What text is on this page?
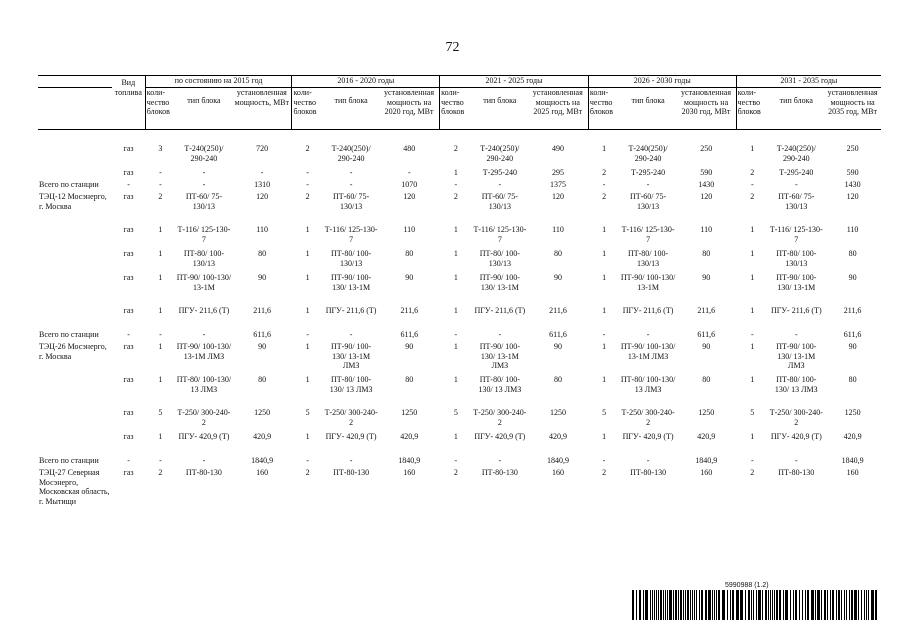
72
	Вид топлива	по состоянию на 2015 год			2016 - 2020 годы			2021 - 2025 годы			2026 - 2030 годы			2031 - 2035 годы		
		коли-чество блоков	тип блока	установленная мощность, МВт	коли-чество блоков	тип блока	установленная мощность на 2020 год, МВт	коли-чество блоков	тип блока	установленная мощность на 2025 год, МВт	коли-чество блоков	тип блока	установленная мощность на 2030 год, МВт	коли-чество блоков	тип блока	установленная мощность на 2035 год, МВт

	газ	3	Т-240(250)/ 290-240	720	2	Т-240(250)/ 290-240	480	2	Т-240(250)/ 290-240	490	1	Т-240(250)/ 290-240	250	1	Т-240(250)/ 290-240	250
	газ	-	-	-	-	-	-	1	Т-295-240	295	2	Т-295-240	590	2	Т-295-240	590
Всего по станции	-	-	-	1310	-	-	1070	-	-	1375	-	-	1430	-	-	1430
ТЭЦ-12 Мосэнерго, г. Москва	газ	2	ПТ-60/ 75-130/13	120	2	ПТ-60/ 75-130/13	120	2	ПТ-60/ 75-130/13	120	2	ПТ-60/ 75-130/13	120	2	ПТ-60/ 75-130/13	120
	газ	1	Т-116/ 125-130-7	110	1	Т-116/ 125-130-7	110	1	Т-116/ 125-130-7	110	1	Т-116/ 125-130-7	110	1	Т-116/ 125-130-7	110
	газ	1	ПТ-80/ 100-130/13	80	1	ПТ-80/ 100-130/13	80	1	ПТ-80/ 100-130/13	80	1	ПТ-80/ 100-130/13	80	1	ПТ-80/ 100-130/13	80
	газ	1	ПТ-90/ 100-130/ 13-1М	90	1	ПТ-90/ 100-130/ 13-1М	90	1	ПТ-90/ 100-130/ 13-1М	90	1	ПТ-90/ 100-130/ 13-1М	90	1	ПТ-90/ 100-130/ 13-1М	90
	газ	1	ПГУ- 211,6 (Т)	211,6	1	ПГУ- 211,6 (Т)	211,6	1	ПГУ- 211,6 (Т)	211,6	1	ПГУ- 211,6 (Т)	211,6	1	ПГУ- 211,6 (Т)	211,6
Всего по станции	-	-	-	611,6	-	-	611,6	-	-	611,6	-	-	611,6	-	-	611,6
ТЭЦ-26 Мосэнерго, г. Москва	газ	1	ПТ-90/ 100-130/ 13-1М ЛМЗ	90	1	ПТ-90/ 100-130/ 13-1М ЛМЗ	90	1	ПТ-90/ 100-130/ 13-1М ЛМЗ	90	1	ПТ-90/ 100-130/ 13-1М ЛМЗ	90	1	ПТ-90/ 100-130/ 13-1М ЛМЗ	90
	газ	1	ПТ-80/ 100-130/ 13 ЛМЗ	80	1	ПТ-80/ 100-130/ 13 ЛМЗ	80	1	ПТ-80/ 100-130/ 13 ЛМЗ	80	1	ПТ-80/ 100-130/ 13 ЛМЗ	80	1	ПТ-80/ 100-130/ 13 ЛМЗ	80
	газ	5	Т-250/ 300-240-2	1250	5	Т-250/ 300-240-2	1250	5	Т-250/ 300-240-2	1250	5	Т-250/ 300-240-2	1250	5	Т-250/ 300-240-2	1250
	газ	1	ПГУ- 420,9 (Т)	420,9	1	ПГУ- 420,9 (Т)	420,9	1	ПГУ- 420,9 (Т)	420,9	1	ПГУ- 420,9 (Т)	420,9	1	ПГУ- 420,9 (Т)	420,9
Всего по станции	-	-	-	1840,9	-	-	1840,9	-	-	1840,9	-	-	1840,9	-	-	1840,9
ТЭЦ-27 Северная Мосэнерго, Московская область, г. Мытищи	газ	2	ПТ-80-130	160	2	ПТ-80-130	160	2	ПТ-80-130	160	2	ПТ-80-130	160	2	ПТ-80-130	160
5990988 (1.2)
